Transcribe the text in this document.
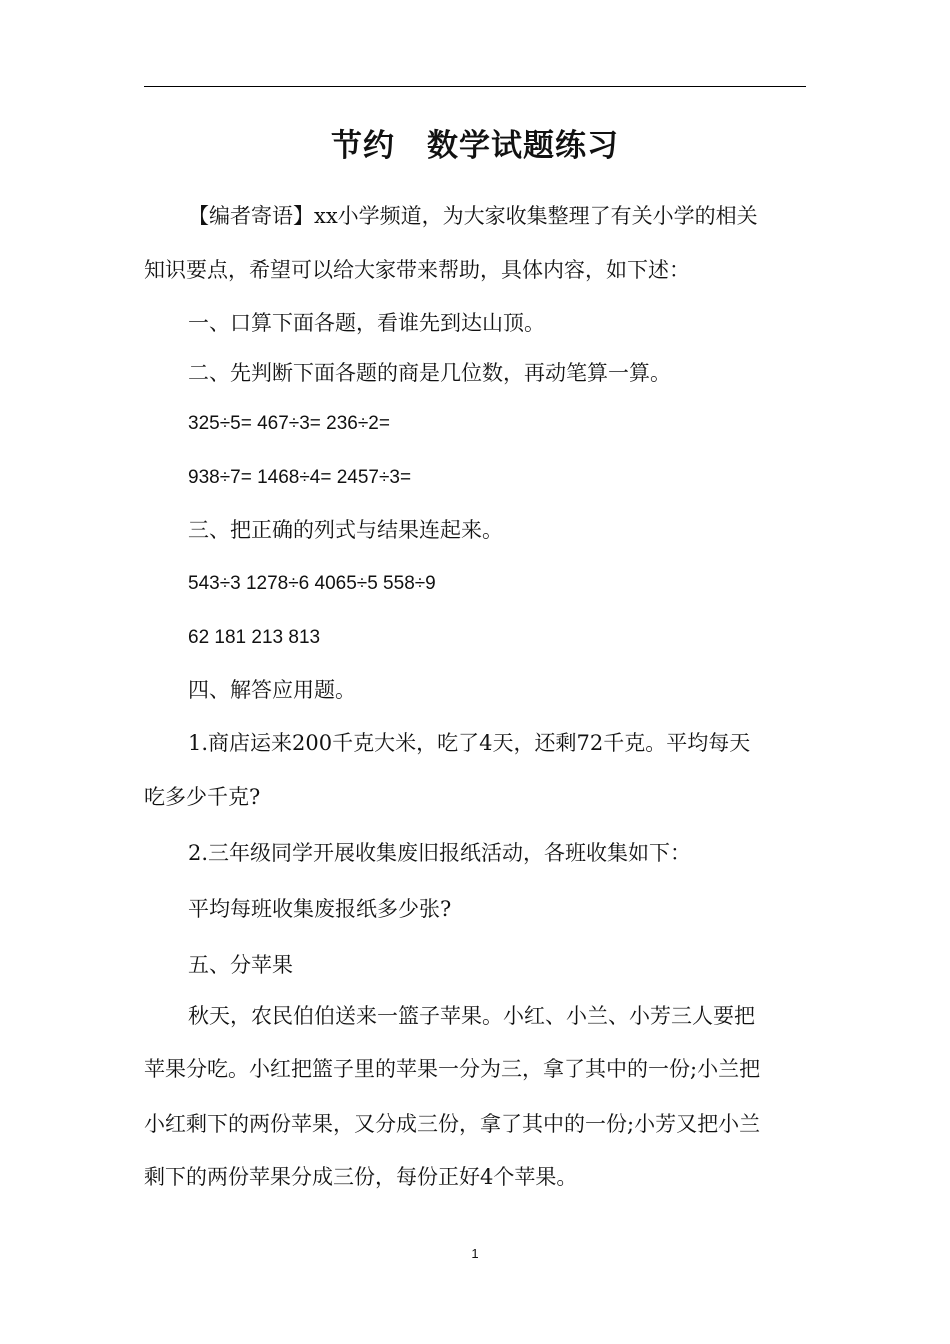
节约　数学试题练习
【编者寄语】xx小学频道，为大家收集整理了有关小学的相关
知识要点，希望可以给大家带来帮助，具体内容，如下述：
一、口算下面各题，看谁先到达山顶。
二、先判断下面各题的商是几位数，再动笔算一算。
325÷5= 467÷3= 236÷2=
938÷7= 1468÷4= 2457÷3=
三、把正确的列式与结果连起来。
543÷3 1278÷6 4065÷5 558÷9
62 181 213 813
四、解答应用题。
1.商店运来200千克大米，吃了4天，还剩72千克。平均每天
吃多少千克?
2.三年级同学开展收集废旧报纸活动，各班收集如下：
平均每班收集废报纸多少张?
五、分苹果
秋天，农民伯伯送来一篮子苹果。小红、小兰、小芳三人要把
苹果分吃。小红把篮子里的苹果一分为三，拿了其中的一份;小兰把
小红剩下的两份苹果，又分成三份，拿了其中的一份;小芳又把小兰
剩下的两份苹果分成三份，每份正好4个苹果。
1
